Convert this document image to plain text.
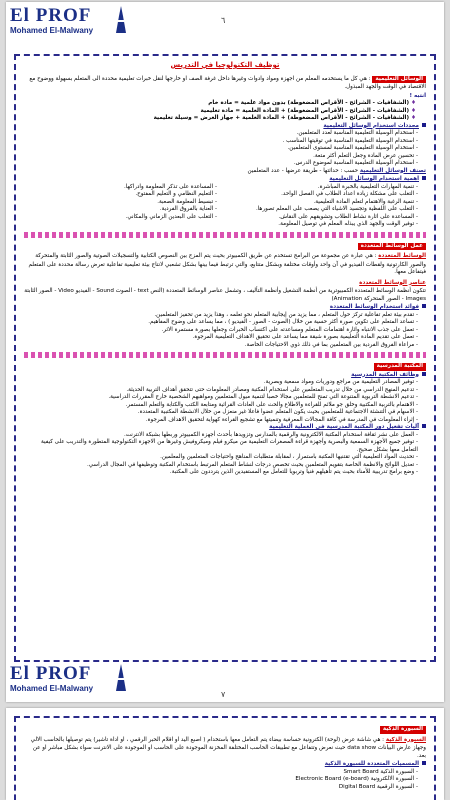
El PROF
Mohamed El-Malwany
٦
توظيف التكنولوجيا في التدريس
الوسائل التعليمية : هي كل ما يستخدمه المعلم من اجهزة ومواد وادوات وغيرها داخل غرفة الصف او خارجها لنقل خبرات تعليمية محددة الى المتعلم بسهولة ووضوح مع الاقتصاد في الوقت والجهد المبذول.
انتبه !
♦ (الشفافيات - الشرائح - الأقراص المضغوطة) بدون مواد علمية = مادة خام
♦ (الشفافيات - الشرائح - الأقراص المضغوطة) + المادة العلمية = مادة تعليمية
♦ (الشفافيات - الشرائح - الأقراص المضغوطة) + المادة العلمية + جهاز العرض = وسيلة تعليمية
محددات استخدام الوسائل التعليمية
- استخدام الوسيلة التعليمية المناسبة لعدد المتعلمين.
- استخدام الوسيلة التعليمية المناسبة في توقيتها المناسب .
- استخدام الوسيلة التعليمية المناسبة لمستوى المتعلمين.
- تحسين عرض المادة وجعل التعلم أكثر متعة.
- استخدام الوسيلة التعليمية المناسبة لموضوع الدرس.
تصنف الوسائل التعليمية حسب : حداثتها - طريقة عرضها - عدد المتعلمين
اهمية استخدام الوسائل التعليمية
- تنمية المهارات التعليمية بالخبرة المباشرة.
- التغلب على مشكلة زيادة اعداد الطلاب في الفصل الواحد.
- تنمية الرغبة والاهتمام لتعلم المادة التعليمية.
- التغلب على اللفظية وتجسيد الاشياء التي يصعب على المعلم تصورها.
- المساعدة على اثارة نشاط الطلاب وتشويقهم على النقاش.
- توفير الوقت والجهد الذي يبذله المعلم في توصيل المعلومة.
- المساعدة على تذكر المعلومة وادراكها.
- التعليم النظامي و التعليم المفتوح.
- تبسيط المعلومة الصعبة.
- العناية بالفروق الفردية.
- التغلب على البعدين الزماني والمكاني.
عمل الوسائط المتعددة
الوسائط المتعددة : هي عبارة عن مجموعة من البرامج تستخدم عن طريق الكمبيوتر بحيث يتم المزج بين النصوص الكتابية والتسجيلات الصوتية والصور الثابتة والمتحركة والصور الكارتونية ولقطات الفيديو في آن واحد وأوقات مختلفة وبشكل متتابع، والتي ترتبط فيما بينها بشكل تشعبي لانتاج بيئة تعليمية تفاعلية تعرض رسالة محددة على المتعلم فيتفاعل معها.
عناصر الوسائط المتعددة
تتكون أنظمة الوسائط المتعددة الكمبيوترية من أنظمة التشغيل وأنظمة التأليف ، وتشمل عناصر الوسائط المتعددة (النص text - الصوت Sound - الفيديو Video - الصور الثابتة Images - الصور المتحركة Animation)
فوائد استخدام الوسائط المتعددة
- تقدم بيئة تعلم تفاعلية تركز حول المتعلم ، مما يزيد من إيجابية المتعلم نحو تعلمه ، وهذا يزيد من تحفيز المتعلمين.
- تساعد المتعلم على تكوين صورة أكثر حسية من خلال (الصوت - الصور - الفيديو ) ، مما يساعد على وضوح المفاهيم.
- تعمل على جذب الانتباه واثارة اهتمامات المتعلم ومساعدته على اكتساب الخبرات وجعلها بصورة مستمرة الاثر.
- تعمل على تقديم المادة التعليمية بصورة شيقة مما يساعد على تحقيق الاهداف التعليمية المرجوة.
- مراعاة الفروق الفردية بين المتعلمين بما في ذلك ذوي الاحتياجات الخاصة.
المكتبة المدرسية
وظائف المكتبة المدرسية
- توفير المصادر التعليمية من مراجع ودوريات ومواد سمعية وبصرية.
- تدعيم المنهج الدراسي من خلال تدريب المتعلمين على استخدام المكتبة ومصادر المعلومات حتى تتحقق أهداف التربية الحديثة.
- تدعيم الانشطة التربوية المتنوعة التي تمنح للمتعلمين مجالا خصبا لتنمية ميول المتعلمين ومواهبهم الشخصية خارج المقررات الدراسية.
- الاهتمام بالتربية المكتبية وخلق جو ملائم للقراءة والاطلاع والحث على العادات القرائية ومتابعة الكتب والكتابة والتعلم المستمر.
- الاسهام في التنشئة الاجتماعية للمتعلمين بحيث يكون المتعلم عضوا فاعلا غير منعزل من خلال الانشطة المكتبية المتعددة.
- إثراء المعلومات في المدرسة في كافة المجالات المعرفية وتنميتها مع تشجيع القراءة كهواية لتحقيق الاهداف المرجوة.
آليات تفعيل دور المكتبة المدرسية في العملية التعليمية
- العمل على نشر ثقافة استخدام المكتبة الالكترونية والرقمية بالمدارس وتزويدها بأحدث أجهزة الكمبيوتر وربطها بشبكة الانترنت.
- توفير جميع الأجهزة السمعية والبصرية وأجهزة قراءة المصغرات التعليمية من ميكرو فيلم وميكروفيش وغيرها من الاجهزة التكنولوجية المتطورة والتدريب على كيفية التعامل معها بشكل صحيح.
- تحديث المواد التعليمية التي تقتنيها المكتبة باستمرار ، لمقابلة متطلبات المناهج واحتياجات المتعلمين والمعلمين.
- تعديل اللوائح والانظمة الخاصة بتقويم المتعلمين بحيث تخصص درجات لنشاط المتعلم المرتبط باستخدام المكتبة وتوظيفها في المجال الدراسي.
- وضع برامج تدريبية للأمناء بحيث يتم تأهيلهم فنيا وتربويا للتعامل مع المستفيدين الذين يترددون على المكتبة.
El PROF
Mohamed El-Malwany
٧
السبورة الذكية
السبورة الذكية : هي شاشة عرض (لوحة) الكترونية حساسة بيضاء يتم التعامل معها باستخدام ( اصبع اليد او اقلام الحبر الرقمي ، او اداة تاشير) يتم توصيلها بالحاسب الالي وجهاز عارض البيانات data show حيث نعرض وتتفاعل مع تطبيقات الحاسب المختلفة المخزنة الموجودة على الحاسب او الموجودة على الانترنت سواء بشكل مباشر او عن بعد.
المسميات المتعددة للسبورة الذكية
- السبورة الذكية Smart Board
- السبورة الالكترونية Electronic Board (e-board)
- السبورة الرقمية Digital Board
